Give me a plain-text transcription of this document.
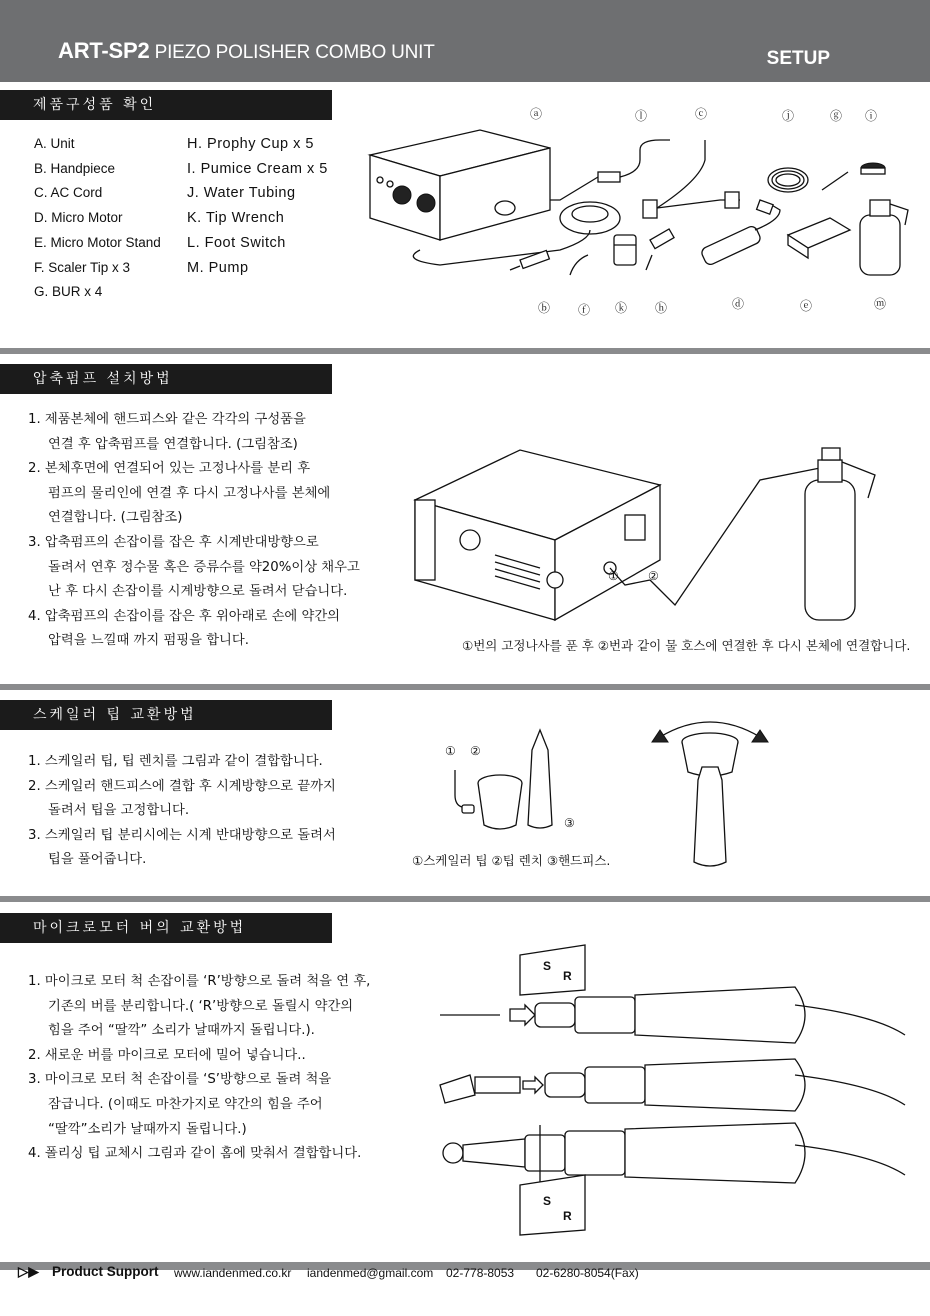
ART-SP2 PIEZO POLISHER COMBO UNIT	SETUP
제품구성품 확인
A. Unit
B. Handpiece
C. AC Cord
D. Micro Motor
E. Micro Motor Stand
F. Scaler Tip x 3
G. BUR x 4
H. Prophy Cup x 5
I. Pumice Cream x 5
J. Water Tubing
K. Tip Wrench
L. Foot Switch
M. Pump
ⓐ	ⓛ	ⓒ	ⓙ	ⓖ ⓘ
ⓑ ⓕ ⓚ ⓗ	ⓓ	ⓔ	ⓜ
압축펌프 설치방법
1. 제품본체에 핸드피스와 같은 각각의 구성품을
연결 후 압축펌프를 연결합니다. (그림참조)
2. 본체후면에 연결되어 있는 고정나사를 분리 후
펌프의 물리인에 연결 후 다시 고정나사를 본체에
연결합니다. (그림참조)
3. 압축펌프의 손잡이를 잡은 후 시계반대방향으로
돌려서 연후 정수물 혹은 증류수를 약20%이상 채우고
난 후 다시 손잡이를 시계방향으로 돌려서 닫습니다.
4. 압축펌프의 손잡이를 잡은 후 위아래로 손에 약간의
압력을 느낄때 까지 펌핑을 합니다.
① ②
①번의 고정나사를 푼 후 ②번과 같이 물 호스에 연결한 후 다시 본체에 연결합니다.
스케일러 팁 교환방법
1. 스케일러 팁, 팁 렌치를 그림과 같이 결합합니다.
2. 스케일러 핸드피스에 결합 후 시계방향으로 끝까지
돌려서 팁을 고정합니다.
3. 스케일러 팁 분리시에는 시계 반대방향으로 돌려서
팁을 풀어줍니다.
① ②
③
①스케일러 팁 ②팁 렌치 ③핸드피스.
마이크로모터 버의 교환방법
1. 마이크로 모터 척 손잡이를 ‘R’방향으로 돌려 척을 연 후,
기존의 버를 분리합니다.( ‘R’방향으로 돌릴시 약간의
힘을 주어 “딸깍” 소리가 날때까지 돌립니다.).
2. 새로운 버를 마이크로 모터에 밀어 넣습니다..
3. 마이크로 모터 척 손잡이를 ‘S’방향으로 돌려 척을
잠급니다. (이때도 마찬가지로 약간의 힘을 주어
“딸깍”소리가 날때까지 돌립니다.)
4. 폴리싱 팁 교체시 그림과 같이 홈에 맞춰서 결합합니다.
S
R
S
R
▷▶ Product Support www.iandenmed.co.kr iandenmed@gmail.com 02-778-8053 02-6280-8054(Fax)
